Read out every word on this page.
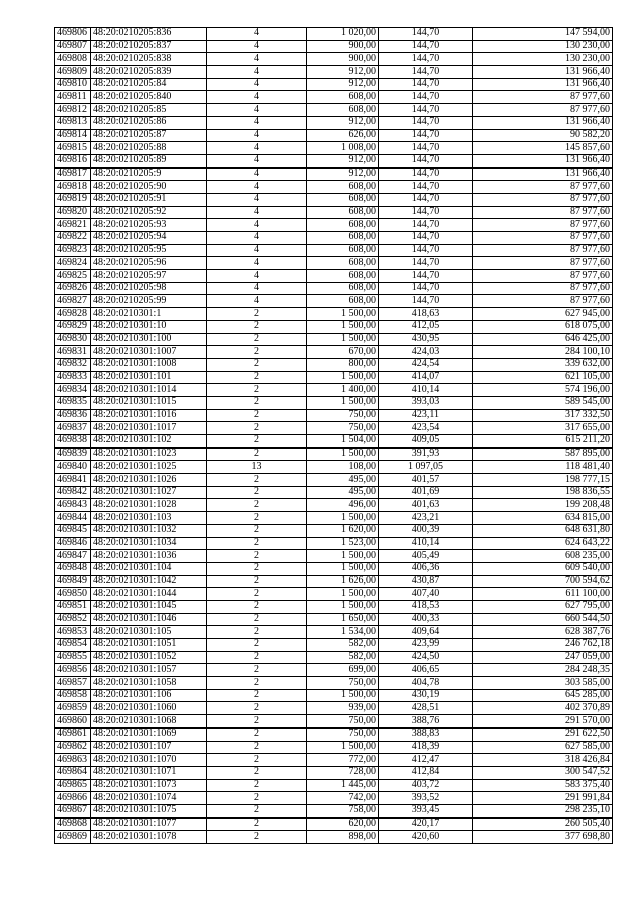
469806	48:20:0210205:836	4	1 020,00	144,70	147 594,00
469807	48:20:0210205:837	4	900,00	144,70	130 230,00
469808	48:20:0210205:838	4	900,00	144,70	130 230,00
469809	48:20:0210205:839	4	912,00	144,70	131 966,40
469810	48:20:0210205:84	4	912,00	144,70	131 966,40
469811	48:20:0210205:840	4	608,00	144,70	87 977,60
469812	48:20:0210205:85	4	608,00	144,70	87 977,60
469813	48:20:0210205:86	4	912,00	144,70	131 966,40
469814	48:20:0210205:87	4	626,00	144,70	90 582,20
469815	48:20:0210205:88	4	1 008,00	144,70	145 857,60
469816	48:20:0210205:89	4	912,00	144,70	131 966,40
469817	48:20:0210205:9	4	912,00	144,70	131 966,40
469818	48:20:0210205:90	4	608,00	144,70	87 977,60
469819	48:20:0210205:91	4	608,00	144,70	87 977,60
469820	48:20:0210205:92	4	608,00	144,70	87 977,60
469821	48:20:0210205:93	4	608,00	144,70	87 977,60
469822	48:20:0210205:94	4	608,00	144,70	87 977,60
469823	48:20:0210205:95	4	608,00	144,70	87 977,60
469824	48:20:0210205:96	4	608,00	144,70	87 977,60
469825	48:20:0210205:97	4	608,00	144,70	87 977,60
469826	48:20:0210205:98	4	608,00	144,70	87 977,60
469827	48:20:0210205:99	4	608,00	144,70	87 977,60
469828	48:20:0210301:1	2	1 500,00	418,63	627 945,00
469829	48:20:0210301:10	2	1 500,00	412,05	618 075,00
469830	48:20:0210301:100	2	1 500,00	430,95	646 425,00
469831	48:20:0210301:1007	2	670,00	424,03	284 100,10
469832	48:20:0210301:1008	2	800,00	424,54	339 632,00
469833	48:20:0210301:101	2	1 500,00	414,07	621 105,00
469834	48:20:0210301:1014	2	1 400,00	410,14	574 196,00
469835	48:20:0210301:1015	2	1 500,00	393,03	589 545,00
469836	48:20:0210301:1016	2	750,00	423,11	317 332,50
469837	48:20:0210301:1017	2	750,00	423,54	317 655,00
469838	48:20:0210301:102	2	1 504,00	409,05	615 211,20
469839	48:20:0210301:1023	2	1 500,00	391,93	587 895,00
469840	48:20:0210301:1025	13	108,00	1 097,05	118 481,40
469841	48:20:0210301:1026	2	495,00	401,57	198 777,15
469842	48:20:0210301:1027	2	495,00	401,69	198 836,55
469843	48:20:0210301:1028	2	496,00	401,63	199 208,48
469844	48:20:0210301:103	2	1 500,00	423,21	634 815,00
469845	48:20:0210301:1032	2	1 620,00	400,39	648 631,80
469846	48:20:0210301:1034	2	1 523,00	410,14	624 643,22
469847	48:20:0210301:1036	2	1 500,00	405,49	608 235,00
469848	48:20:0210301:104	2	1 500,00	406,36	609 540,00
469849	48:20:0210301:1042	2	1 626,00	430,87	700 594,62
469850	48:20:0210301:1044	2	1 500,00	407,40	611 100,00
469851	48:20:0210301:1045	2	1 500,00	418,53	627 795,00
469852	48:20:0210301:1046	2	1 650,00	400,33	660 544,50
469853	48:20:0210301:105	2	1 534,00	409,64	628 387,76
469854	48:20:0210301:1051	2	582,00	423,99	246 762,18
469855	48:20:0210301:1052	2	582,00	424,50	247 059,00
469856	48:20:0210301:1057	2	699,00	406,65	284 248,35
469857	48:20:0210301:1058	2	750,00	404,78	303 585,00
469858	48:20:0210301:106	2	1 500,00	430,19	645 285,00
469859	48:20:0210301:1060	2	939,00	428,51	402 370,89
469860	48:20:0210301:1068	2	750,00	388,76	291 570,00
469861	48:20:0210301:1069	2	750,00	388,83	291 622,50
469862	48:20:0210301:107	2	1 500,00	418,39	627 585,00
469863	48:20:0210301:1070	2	772,00	412,47	318 426,84
469864	48:20:0210301:1071	2	728,00	412,84	300 547,52
469865	48:20:0210301:1073	2	1 445,00	403,72	583 375,40
469866	48:20:0210301:1074	2	742,00	393,52	291 991,84
469867	48:20:0210301:1075	2	758,00	393,45	298 235,10
469868	48:20:0210301:1077	2	620,00	420,17	260 505,40
469869	48:20:0210301:1078	2	898,00	420,60	377 698,80
